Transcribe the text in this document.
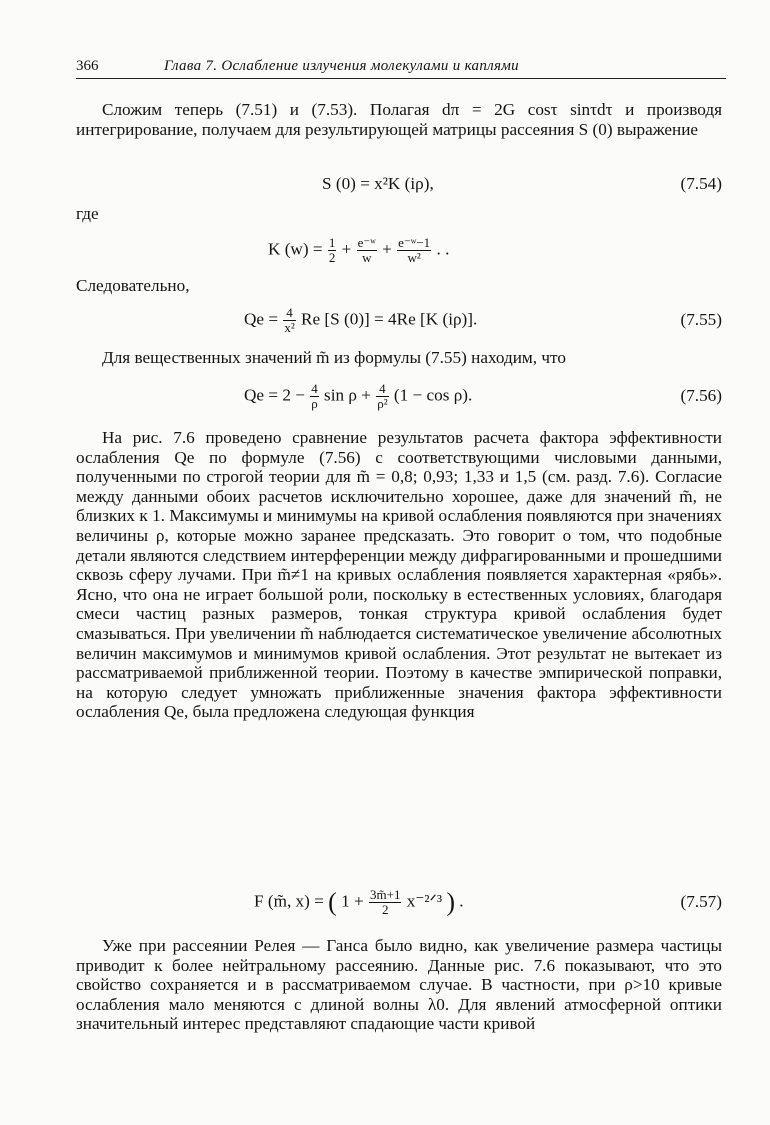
366	Глава 7. Ослабление излучения молекулами и каплями

Сложим теперь (7.51) и (7.53). Полагая dπ = 2G cosτ sinτdτ и производя интегрирование, получаем для результирующей матрицы рассеяния S (0) выражение

S (0) = x²K (iρ),	(7.54)

где

K $(w) = \frac{1}{2} + \frac{\text{e⁻ʷ}}{w} + \frac{\text{e⁻ʷ−1}}{\text{w²}}$ . .

Следовательно,

$Qe = \frac{4}{\text{x²}}$ Re [S (0)] = 4Re [K (iρ)].	(7.55)

Для вещественных значений m̃ из формулы (7.55) находим, что

$Qe = 2 - \frac{4}{\rho}$ $\sin \rho + \frac{4}{\text{ρ²}} (1 - \cos \rho)$.	(7.56)

На рис. 7.6 проведено сравнение результатов расчета фактора эффективности ослабления Qe по формуле (7.56) с соответствующими числовыми данными, полученными по строгой теории для m̃ = 0,8; 0,93; 1,33 и 1,5 (см. разд. 7.6). Согласие между данными обоих расчетов исключительно хорошее, даже для значений m̃, не близких к 1. Максимумы и минимумы на кривой ослабления появляются при значениях величины ρ, которые можно заранее предсказать. Это говорит о том, что подобные детали являются следствием интерференции между дифрагированными и прошедшими сквозь сферу лучами. При m̃≠1 на кривых ослабления появляется характерная «рябь». Ясно, что она не играет большой роли, поскольку в естественных условиях, благодаря смеси частиц разных размеров, тонкая структура кривой ослабления будет смазываться. При увеличении m̃ наблюдается систематическое увеличение абсолютных величин максимумов и минимумов кривой ослабления. Этот результат не вытекает из рассматриваемой приближенной теории. Поэтому в качестве эмпирической поправки, на которую следует умножать приближенные значения фактора эффективности ослабления Qe, была предложена следующая функция

F (m̃, x) = ( $1 + \frac{3m̃+1}{2}$ x⁻²ᐟ³ ) .	(7.57)

Уже при рассеянии Релея — Ганса было видно, как увеличение размера частицы приводит к более нейтральному рассеянию. Данные рис. 7.6 показывают, что это свойство сохраняется и в рассматриваемом случае. В частности, при ρ>10 кривые ослабления мало меняются с длиной волны λ0. Для явлений атмосферной оптики значительный интерес представляют спадающие части кривой
